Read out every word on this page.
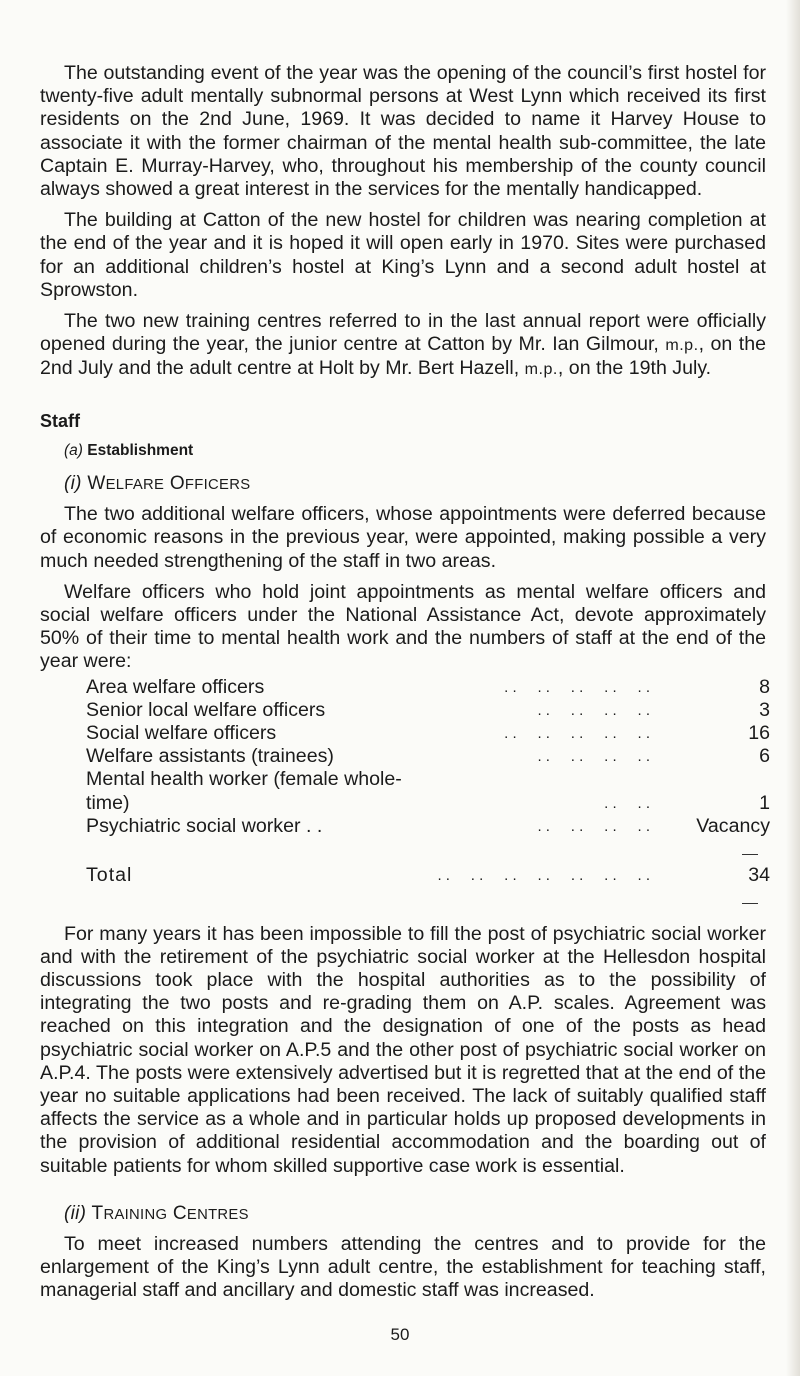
The outstanding event of the year was the opening of the council’s first hostel for twenty-five adult mentally subnormal persons at West Lynn which received its first residents on the 2nd June, 1969. It was decided to name it Harvey House to associate it with the former chairman of the mental health sub-committee, the late Captain E. Murray-Harvey, who, throughout his membership of the county council always showed a great interest in the services for the mentally handicapped.

The building at Catton of the new hostel for children was nearing completion at the end of the year and it is hoped it will open early in 1970. Sites were purchased for an additional children’s hostel at King’s Lynn and a second adult hostel at Sprowston.

The two new training centres referred to in the last annual report were officially opened during the year, the junior centre at Catton by Mr. Ian Gilmour, m.p., on the 2nd July and the adult centre at Holt by Mr. Bert Hazell, m.p., on the 19th July.

Staff
(a) Establishment
(i) WELFARE OFFICERS

The two additional welfare officers, whose appointments were deferred because of economic reasons in the previous year, were appointed, making possible a very much needed strengthening of the staff in two areas.

Welfare officers who hold joint appointments as mental welfare officers and social welfare officers under the National Assistance Act, devote approximately 50% of their time to mental health work and the numbers of staff at the end of the year were:

Area welfare officers	. .     . .     . .     . .     . .	8
Senior local welfare officers	. .     . .     . .     . .	3
Social welfare officers	. .     . .     . .     . .     . .	16
Welfare assistants (trainees)	. .     . .     . .     . .	6
Mental health worker (female whole-time)	. .     . .	1
Psychiatric social worker . .	. .     . .     . .     . .	Vacancy

Total	. .     . .     . .     . .     . .     . .     . .	34

For many years it has been impossible to fill the post of psychiatric social worker and with the retirement of the psychiatric social worker at the Hellesdon hospital discussions took place with the hospital authorities as to the possibility of integrating the two posts and re-grading them on A.P. scales. Agreement was reached on this integration and the designation of one of the posts as head psychiatric social worker on A.P.5 and the other post of psychiatric social worker on A.P.4. The posts were extensively advertised but it is regretted that at the end of the year no suitable applications had been received. The lack of suitably qualified staff affects the service as a whole and in particular holds up proposed developments in the provision of additional residential accommodation and the boarding out of suitable patients for whom skilled supportive case work is essential.

(ii) TRAINING CENTRES

To meet increased numbers attending the centres and to provide for the enlargement of the King’s Lynn adult centre, the establishment for teaching staff, managerial staff and ancillary and domestic staff was increased.

50
